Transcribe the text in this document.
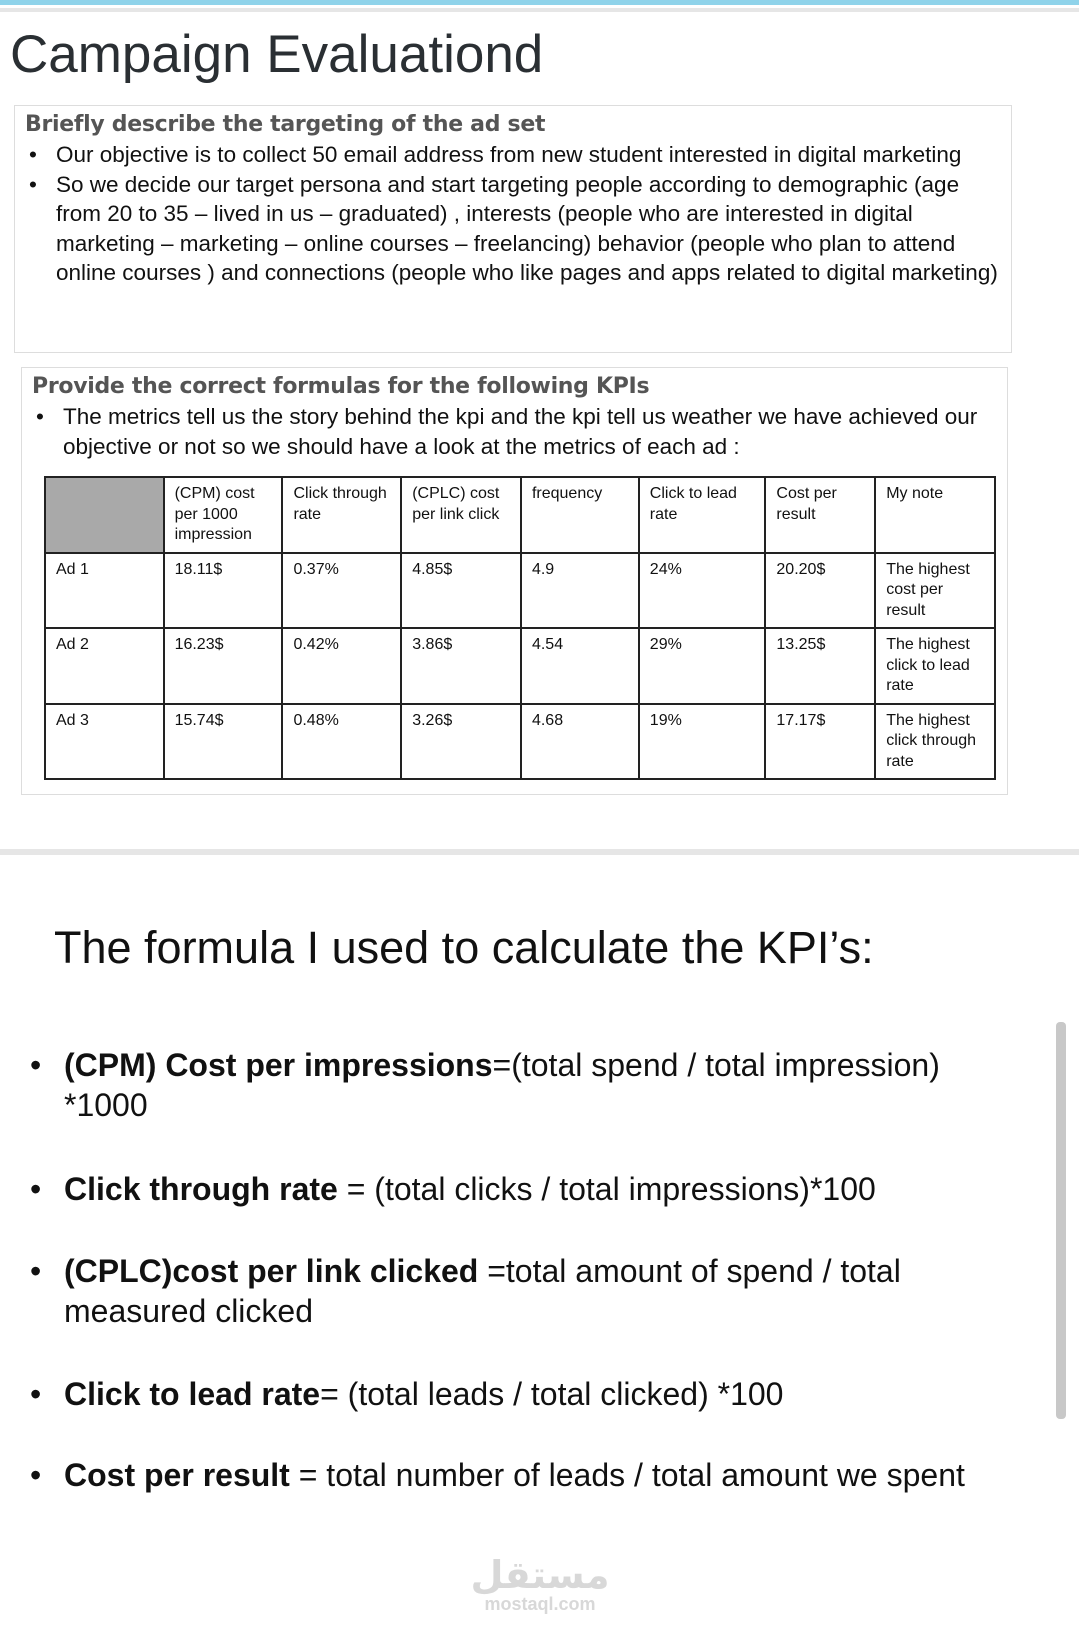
Campaign Evaluationd
Briefly describe the targeting of the ad set
• Our objective is to collect 50 email address from new student interested in digital marketing
• So we decide our target persona and start targeting people according to demographic (age from 20 to 35 – lived in us – graduated) , interests (people who are interested in digital marketing – marketing – online courses – freelancing) behavior (people who plan to attend online courses ) and connections (people who like pages and apps related to digital marketing)
Provide the correct formulas for the following KPIs
• The metrics tell us the story behind the kpi and the kpi tell us weather we have achieved our objective or not so we should have a look at the metrics of each ad :
	(CPM) cost per 1000 impression	Click through rate	(CPLC) cost per link click	frequency	Click to lead rate	Cost per result	My note
Ad 1	18.11$	0.37%	4.85$	4.9	24%	20.20$	The highest cost per result
Ad 2	16.23$	0.42%	3.86$	4.54	29%	13.25$	The highest click to lead rate
Ad 3	15.74$	0.48%	3.26$	4.68	19%	17.17$	The highest click through rate
The formula I used to calculate the KPI’s:
• (CPM) Cost per impressions=(total spend / total impression) *1000
• Click through rate = (total clicks / total impressions)*100
• (CPLC)cost per link clicked =total amount of spend / total measured clicked
• Click to lead rate= (total leads / total clicked) *100
• Cost per result = total number of leads / total amount we spent
مستقل
mostaql.com
